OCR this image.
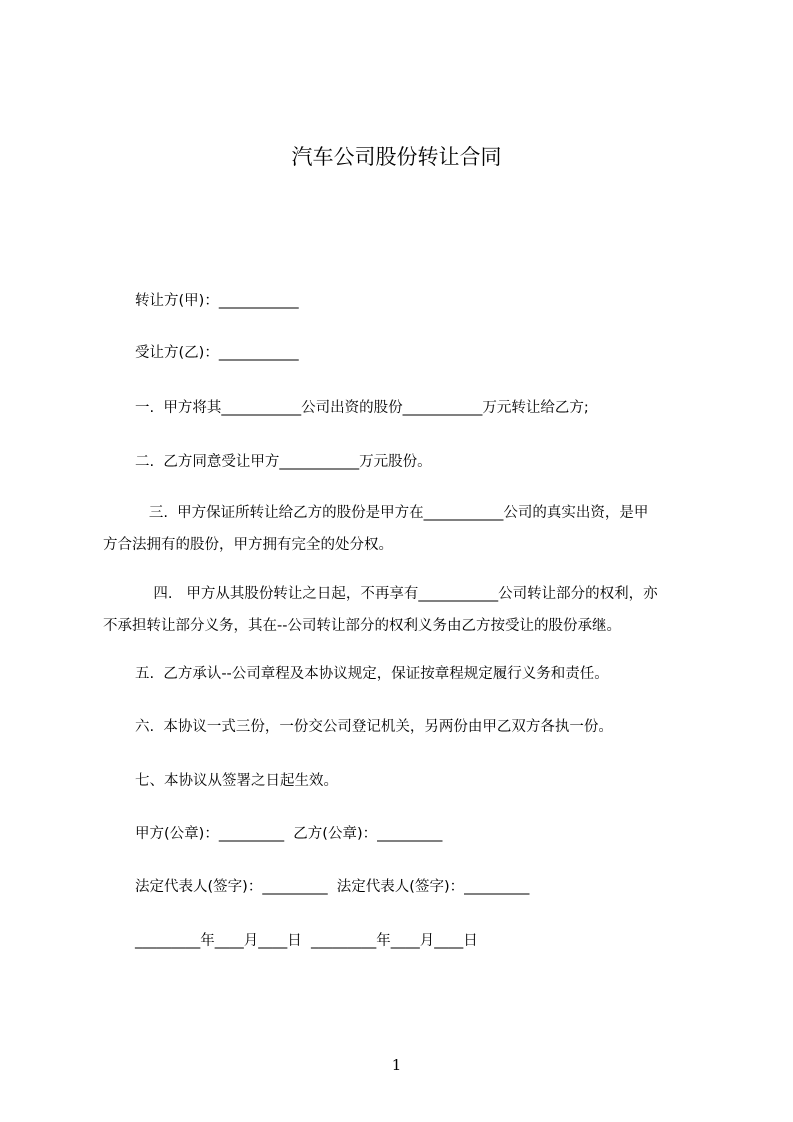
汽车公司股份转让合同
转让方(甲)：___________
受让方(乙)：___________
一.  甲方将其___________公司出资的股份___________万元转让给乙方;
二.  乙方同意受让甲方___________万元股份。
三.  甲方保证所转让给乙方的股份是甲方在___________公司的真实出资，是甲
方合法拥有的股份，甲方拥有完全的处分权。
四.   甲方从其股份转让之日起，不再享有___________公司转让部分的权利，亦
不承担转让部分义务，其在--公司转让部分的权利义务由乙方按受让的股份承继。
五.  乙方承认--公司章程及本协议规定，保证按章程规定履行义务和责任。
六.  本协议一式三份，一份交公司登记机关，另两份由甲乙双方各执一份。
七、本协议从签署之日起生效。
甲方(公章)：_________  乙方(公章)：_________
法定代表人(签字)：_________  法定代表人(签字)：_________
_________年____月____日  _________年____月____日
1
